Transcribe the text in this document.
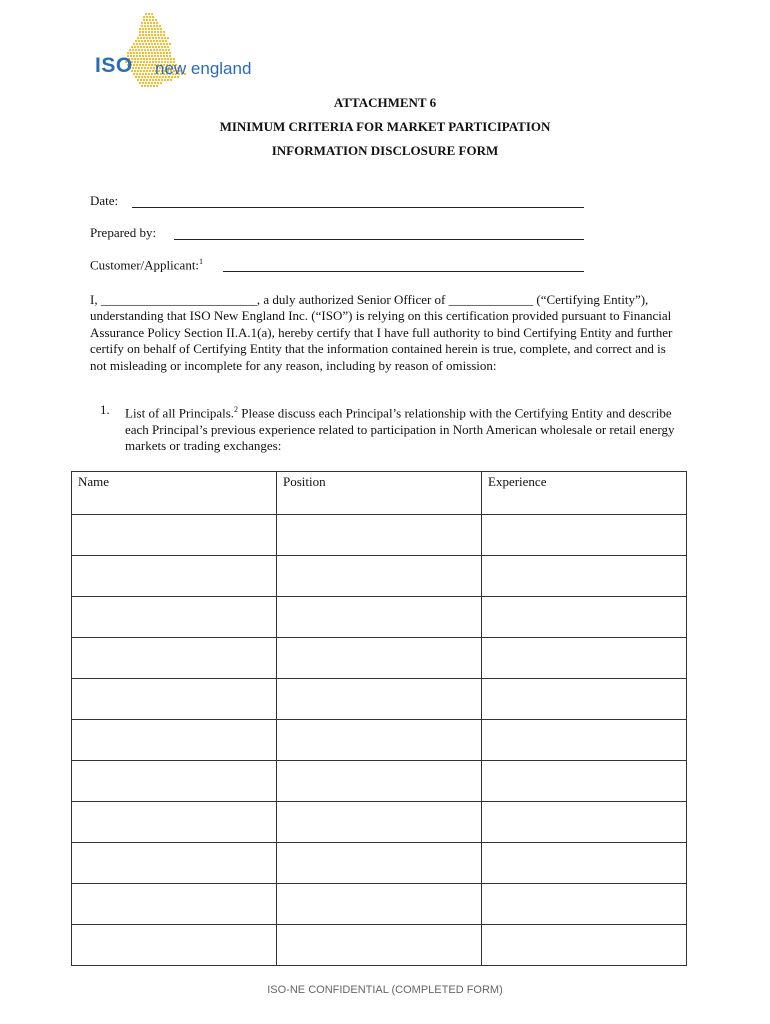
ISO new england
ATTACHMENT 6
MINIMUM CRITERIA FOR MARKET PARTICIPATION
INFORMATION DISCLOSURE FORM
Date:
Prepared by:
Customer/Applicant:$^1$
I, ________________________, a duly authorized Senior Officer of _____________ (“Certifying Entity”), understanding that ISO New England Inc. (“ISO”) is relying on this certification provided pursuant to Financial Assurance Policy Section II.A.1(a), hereby certify that I have full authority to bind Certifying Entity and further certify on behalf of Certifying Entity that the information contained herein is true, complete, and correct and is not misleading or incomplete for any reason, including by reason of omission:
1. List of all Principals.$^2$ Please discuss each Principal’s relationship with the Certifying Entity and describe each Principal’s previous experience related to participation in North American wholesale or retail energy markets or trading exchanges:
Name	Position	Experience

ISO-NE CONFIDENTIAL (COMPLETED FORM)
